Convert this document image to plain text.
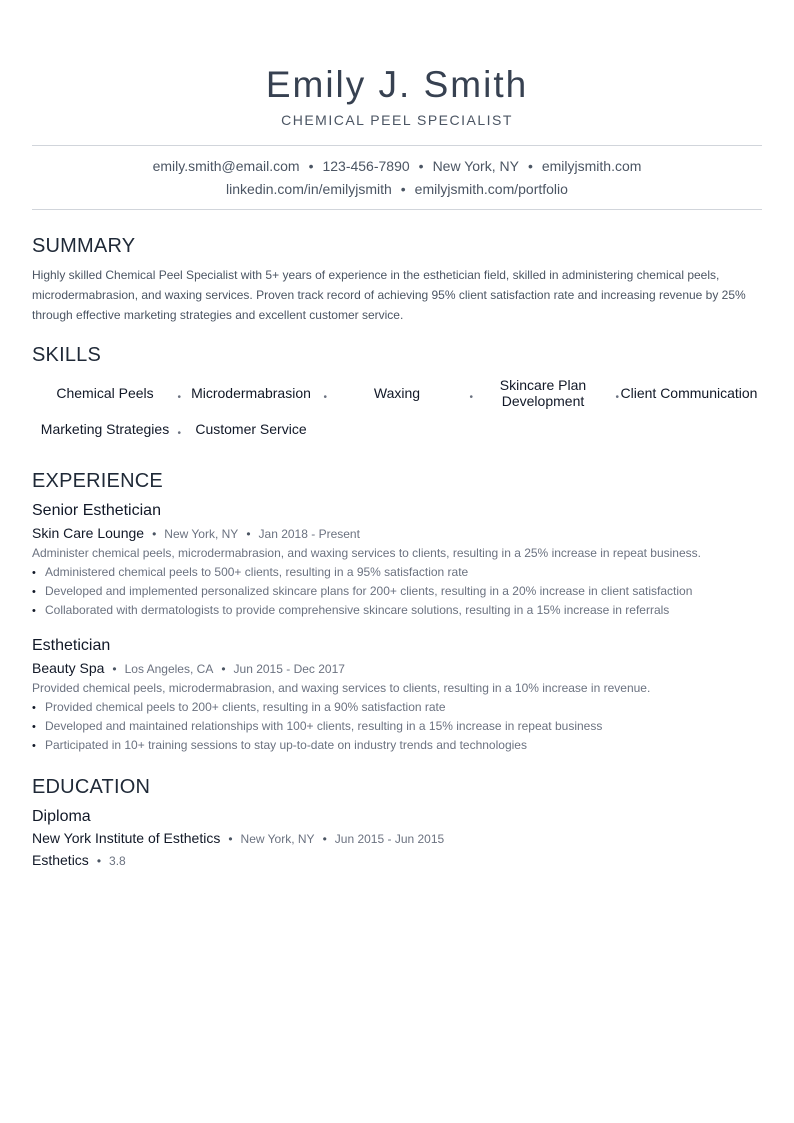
Emily J. Smith
CHEMICAL PEEL SPECIALIST
emily.smith@email.com • 123-456-7890 • New York, NY • emilyjsmith.com
linkedin.com/in/emilyjsmith • emilyjsmith.com/portfolio
SUMMARY

Highly skilled Chemical Peel Specialist with 5+ years of experience in the esthetician field, skilled in administering chemical peels, microdermabrasion, and waxing services. Proven track record of achieving 95% client satisfaction rate and increasing revenue by 25% through effective marketing strategies and excellent customer service.

SKILLS
Chemical Peels • Microdermabrasion •	Waxing	•
Skincare Plan Development	• Client Communication
Marketing Strategies • Customer Service
EXPERIENCE
Senior Esthetician
Skin Care Lounge • New York, NY • Jan 2018 - Present
Administer chemical peels, microdermabrasion, and waxing services to clients, resulting in a 25% increase in repeat business.
• Administered chemical peels to 500+ clients, resulting in a 95% satisfaction rate
• Developed and implemented personalized skincare plans for 200+ clients, resulting in a 20% increase in client satisfaction
• Collaborated with dermatologists to provide comprehensive skincare solutions, resulting in a 15% increase in referrals
Esthetician
Beauty Spa • Los Angeles, CA • Jun 2015 - Dec 2017
Provided chemical peels, microdermabrasion, and waxing services to clients, resulting in a 10% increase in revenue.
• Provided chemical peels to 200+ clients, resulting in a 90% satisfaction rate
• Developed and maintained relationships with 100+ clients, resulting in a 15% increase in repeat business
• Participated in 10+ training sessions to stay up-to-date on industry trends and technologies
EDUCATION
Diploma
New York Institute of Esthetics • New York, NY • Jun 2015 - Jun 2015
Esthetics • 3.8
